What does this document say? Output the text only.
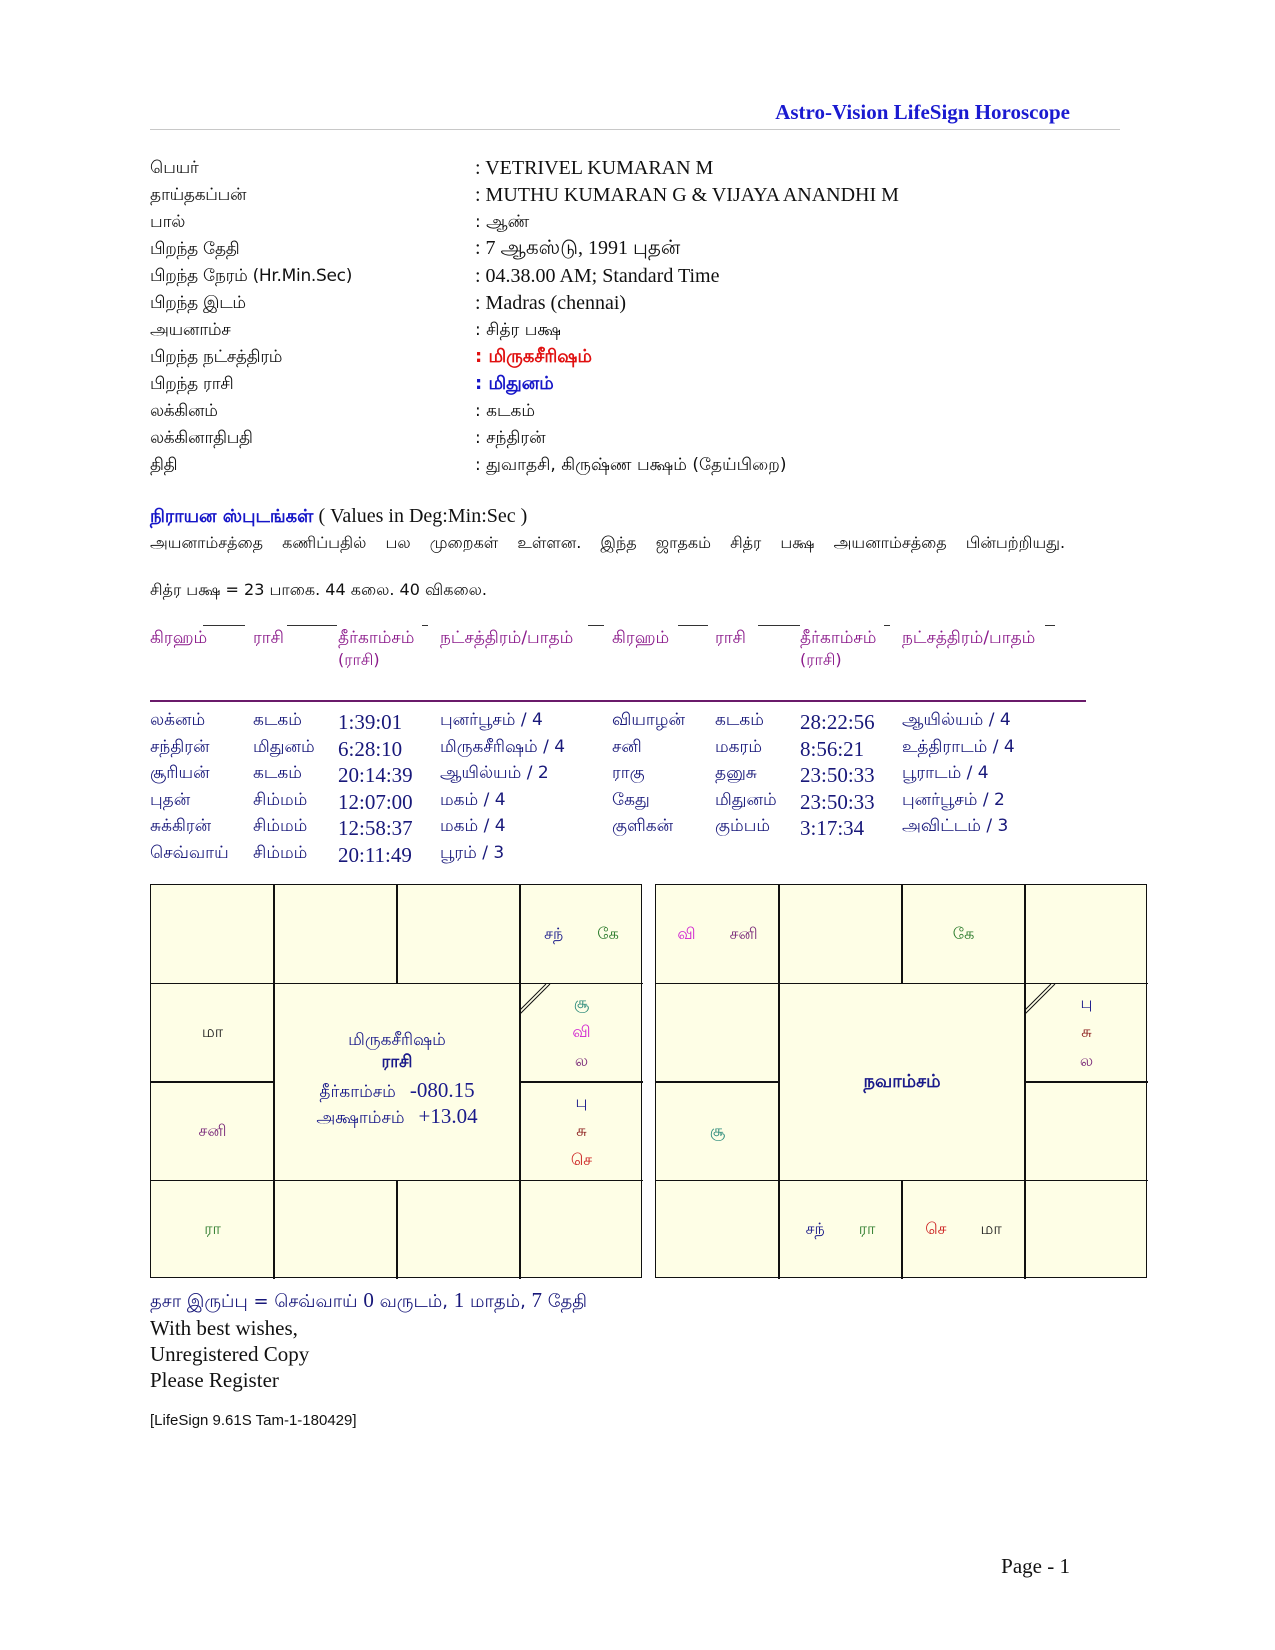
Astro-Vision LifeSign Horoscope
பெயர்	: VETRIVEL KUMARAN M
தாய்தகப்பன்	: MUTHU KUMARAN G & VIJAYA ANANDHI M
பால்	: ஆண்
பிறந்த தேதி	: 7 ஆகஸ்டு, 1991 புதன்
பிறந்த நேரம் (Hr.Min.Sec)	: 04.38.00 AM; Standard Time
பிறந்த இடம்	: Madras (chennai)
அயனாம்ச	: சித்ர பக்ஷ
பிறந்த நட்சத்திரம்	: மிருகசீரிஷம்
பிறந்த ராசி	: மிதுனம்
லக்கினம்	: கடகம்
லக்கினாதிபதி	: சந்திரன்
திதி	: துவாதசி, கிருஷ்ண பக்ஷம் (தேய்பிறை)
நிராயன ஸ்புடங்கள் ( Values in Deg:Min:Sec )
அயனாம்சத்தை கணிப்பதில் பல முறைகள் உள்ளன. இந்த ஜாதகம் சித்ர பக்ஷ அயனாம்சத்தை பின்பற்றியது.
சித்ர பக்ஷ = 23 பாகை. 44 கலை. 40 விகலை.
கிரஹம்	ராசி	தீர்காம்சம்
(ராசி)
நட்சத்திரம்/பாதம்
லக்னம்	கடகம் 1:39:01 புனர்பூசம் / 4
சந்திரன்	மிதுனம் 6:28:10 மிருகசீரிஷம் / 4
சூரியன்	கடகம் 20:14:39 ஆயில்யம் / 2
புதன்	சிம்மம் 12:07:00 மகம் / 4
சுக்கிரன் சிம்மம் 12:58:37 மகம் / 4
செவ்வாய் சிம்மம் 20:11:49 பூரம் / 3
கிரஹம்	ராசி	தீர்காம்சம்
(ராசி)
நட்சத்திரம்/பாதம்
வியாழன் கடகம் 28:22:56 ஆயில்யம் / 4
சனி	மகரம் 8:56:21 உத்திராடம் / 4
ராகு	தனுசு 23:50:33 பூராடம் / 4
கேது	மிதுனம் 23:50:33 புனர்பூசம் / 2
குளிகன் கும்பம் 3:17:34 அவிட்டம் / 3
சந் கே
சூ
வி
ல
பு
சு
செ
மா
சனி
ரா
மிருகசீரிஷம்
ராசி
தீர்காம்சம் -080.15
அக்ஷாம்சம் +13.04
வி சனி	கே
பு
சு
ல
சூ
சந் ரா	செ மா
நவாம்சம்
தசா இருப்பு = செவ்வாய் 0 வருடம், 1 மாதம், 7 தேதி
With best wishes,
Unregistered Copy
Please Register
[LifeSign 9.61S Tam-1-180429]
Page - 1
